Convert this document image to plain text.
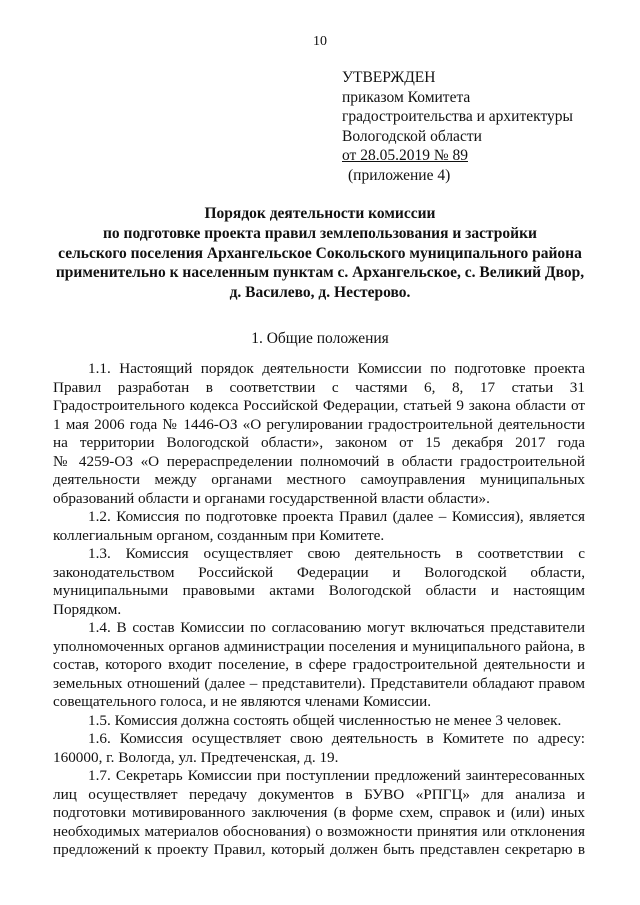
10
УТВЕРЖДЕН
приказом Комитета
градостроительства и архитектуры
Вологодской области
от 28.05.2019 № 89
(приложение 4)
Порядок деятельности комиссии
по подготовке проекта правил землепользования и застройки
сельского поселения Архангельское Сокольского муниципального района
применительно к населенным пунктам с. Архангельское, с. Великий Двор,
д. Василево, д. Нестерово.
1. Общие положения
1.1. Настоящий порядок деятельности Комиссии по подготовке проекта
Правил разработан в соответствии с частями 6, 8, 17 статьи 31
Градостроительного кодекса Российской Федерации, статьей 9 закона области от
1 мая 2006 года № 1446-ОЗ «О регулировании градостроительной деятельности
на территории Вологодской области», законом от 15 декабря 2017 года
№ 4259-ОЗ «О перераспределении полномочий в области градостроительной
деятельности между органами местного самоуправления муниципальных
образований области и органами государственной власти области».
1.2. Комиссия по подготовке проекта Правил (далее – Комиссия), является
коллегиальным органом, созданным при Комитете.
1.3. Комиссия осуществляет свою деятельность в соответствии с
законодательством Российской Федерации и Вологодской области,
муниципальными правовыми актами Вологодской области и настоящим
Порядком.
1.4. В состав Комиссии по согласованию могут включаться представители
уполномоченных органов администрации поселения и муниципального района, в
состав, которого входит поселение, в сфере градостроительной деятельности и
земельных отношений (далее – представители). Представители обладают правом
совещательного голоса, и не являются членами Комиссии.
1.5. Комиссия должна состоять общей численностью не менее 3 человек.
1.6. Комиссия осуществляет свою деятельность в Комитете по адресу:
160000, г. Вологда, ул. Предтеченская, д. 19.
1.7. Секретарь Комиссии при поступлении предложений заинтересованных
лиц осуществляет передачу документов в БУВО «РПГЦ» для анализа и
подготовки мотивированного заключения (в форме схем, справок и (или) иных
необходимых материалов обоснования) о возможности принятия или отклонения
предложений к проекту Правил, который должен быть представлен секретарю в
